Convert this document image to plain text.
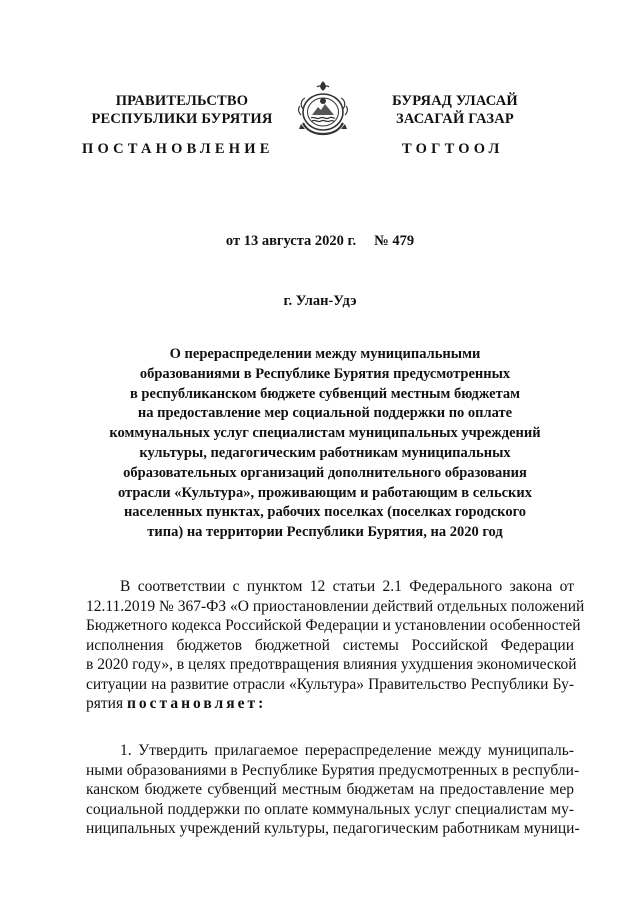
ПРАВИТЕЛЬСТВО
РЕСПУБЛИКИ БУРЯТИЯ
БУРЯАД УЛАСАЙ
ЗАСАГАЙ ГАЗАР
ПОСТАНОВЛЕНИЕ	ТОГТООЛ
от 13 августа 2020 г. № 479
г. Улан-Удэ
О перераспределении между муниципальными
образованиями в Республике Бурятия предусмотренных
в республиканском бюджете субвенций местным бюджетам
на предоставление мер социальной поддержки по оплате
коммунальных услуг специалистам муниципальных учреждений
культуры, педагогическим работникам муниципальных
образовательных организаций дополнительного образования
отрасли «Культура», проживающим и работающим в сельских
населенных пунктах, рабочих поселках (поселках городского
типа) на территории Республики Бурятия, на 2020 год
В соответствии с пунктом 12 статьи 2.1 Федерального закона от
12.11.2019 № 367-ФЗ «О приостановлении действий отдельных положений
Бюджетного кодекса Российской Федерации и установлении особенностей
исполнения бюджетов бюджетной системы Российской Федерации
в 2020 году», в целях предотвращения влияния ухудшения экономической
ситуации на развитие отрасли «Культура» Правительство Республики Бу-
рятия постановляет:
1. Утвердить прилагаемое перераспределение между муниципаль-
ными образованиями в Республике Бурятия предусмотренных в республи-
канском бюджете субвенций местным бюджетам на предоставление мер
социальной поддержки по оплате коммунальных услуг специалистам му-
ниципальных учреждений культуры, педагогическим работникам муници-
